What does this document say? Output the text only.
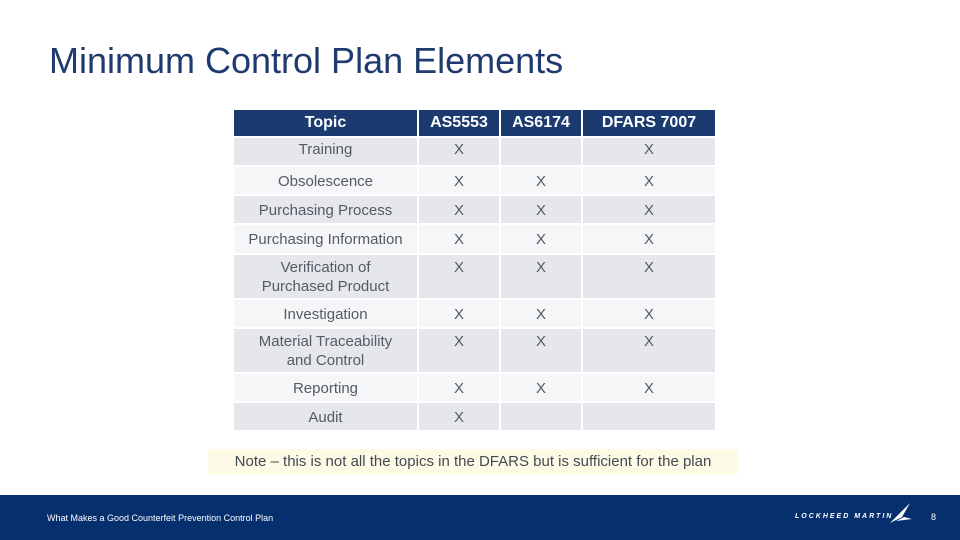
Minimum Control Plan Elements
Topic	AS5553	AS6174	DFARS 7007
Training	X		X
Obsolescence	X	X	X
Purchasing Process	X	X	X
Purchasing Information	X	X	X

Verification of
Purchased Product	X	X	X
Investigation	X	X	X

Material Traceability
and Control	X	X	X
Reporting	X	X	X
Audit	X		
Note – this is not all the topics in the DFARS but is sufficient for the plan
What Makes a Good Counterfeit Prevention Control Plan	LOCKHEED MARTIN	8
